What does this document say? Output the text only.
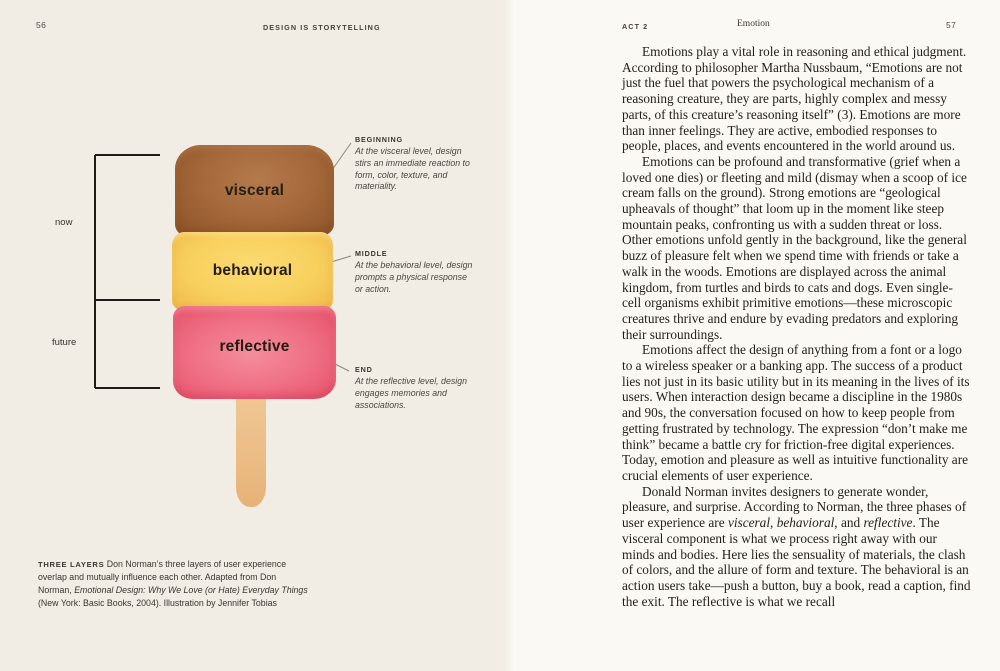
56	DESIGN IS STORYTELLING
now
future
visceral
behavioral
reflective
BEGINNING
At the visceral level, design stirs an immediate reaction to form, color, texture, and materiality.
MIDDLE
At the behavioral level, design prompts a physical response or action.
END
At the reflective level, design engages memories and associations.
THREE LAYERS Don Norman’s three layers of user experience overlap and mutually influence each other. Adapted from Don Norman, Emotional Design: Why We Love (or Hate) Everyday Things (New York: Basic Books, 2004). Illustration by Jennifer Tobias
ACT 2	Emotion	57

Emotions play a vital role in reasoning and ethical judgment. According to philosopher Martha Nussbaum, “Emotions are not just the fuel that powers the psychological mechanism of a reasoning creature, they are parts, highly complex and messy parts, of this creature’s reasoning itself” (3). Emotions are more than inner feelings. They are active, embodied responses to people, places, and events encountered in the world around us.

Emotions can be profound and transformative (grief when a loved one dies) or fleeting and mild (dismay when a scoop of ice cream falls on the ground). Strong emotions are “geological upheavals of thought” that loom up in the moment like steep mountain peaks, confronting us with a sudden threat or loss. Other emotions unfold gently in the background, like the general buzz of pleasure felt when we spend time with friends or take a walk in the woods. Emotions are displayed across the animal kingdom, from turtles and birds to cats and dogs. Even single-cell organisms exhibit primitive emotions—these microscopic creatures thrive and endure by evading predators and exploring their surroundings.

Emotions affect the design of anything from a font or a logo to a wireless speaker or a banking app. The success of a product lies not just in its basic utility but in its meaning in the lives of its users. When interaction design became a discipline in the 1980s and 90s, the conversation focused on how to keep people from getting frustrated by technology. The expression “don’t make me think” became a battle cry for friction-free digital experiences. Today, emotion and pleasure as well as intuitive functionality are crucial elements of user experience.

Donald Norman invites designers to generate wonder, pleasure, and surprise. According to Norman, the three phases of user experience are visceral, behavioral, and reflective. The visceral component is what we process right away with our minds and bodies. Here lies the sensuality of materials, the clash of colors, and the allure of form and texture. The behavioral is an action users take—push a button, buy a book, read a caption, find the exit. The reflective is what we recall
